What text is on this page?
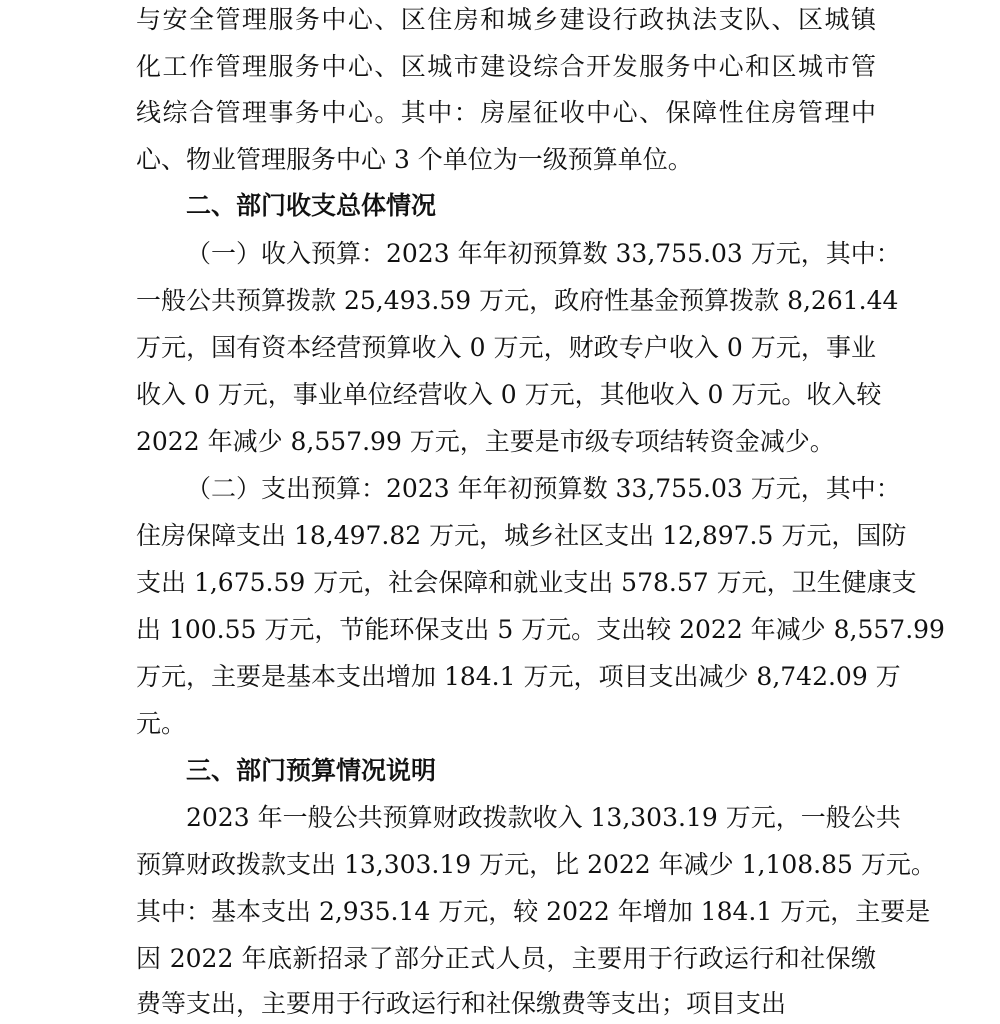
与安全管理服务中心、区住房和城乡建设行政执法支队、区城镇
化工作管理服务中心、区城市建设综合开发服务中心和区城市管
线综合管理事务中心。其中：房屋征收中心、保障性住房管理中
心、物业管理服务中心 3 个单位为一级预算单位。
二、部门收支总体情况
（一）收入预算：2023 年年初预算数 33,755.03 万元，其中：
一般公共预算拨款 25,493.59 万元，政府性基金预算拨款 8,261.44
万元，国有资本经营预算收入 0 万元，财政专户收入 0 万元，事业
收入 0 万元，事业单位经营收入 0 万元，其他收入 0 万元。收入较
2022 年减少 8,557.99 万元，主要是市级专项结转资金减少。
（二）支出预算：2023 年年初预算数 33,755.03 万元，其中：
住房保障支出 18,497.82 万元，城乡社区支出 12,897.5 万元，国防
支出 1,675.59 万元，社会保障和就业支出 578.57 万元，卫生健康支
出 100.55 万元，节能环保支出 5 万元。支出较 2022 年减少 8,557.99
万元，主要是基本支出增加 184.1 万元，项目支出减少 8,742.09 万
元。
三、部门预算情况说明
2023 年一般公共预算财政拨款收入 13,303.19 万元，一般公共
预算财政拨款支出 13,303.19 万元，比 2022 年减少 1,108.85 万元。
其中：基本支出 2,935.14 万元，较 2022 年增加 184.1 万元，主要是
因 2022 年底新招录了部分正式人员，主要用于行政运行和社保缴
费等支出，主要用于行政运行和社保缴费等支出；项目支出
